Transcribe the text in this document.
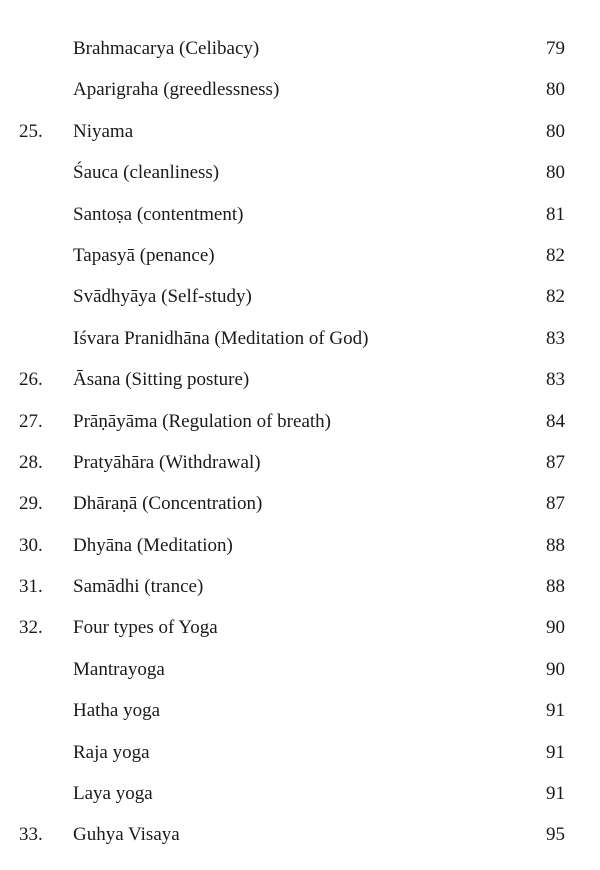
Brahmacarya (Celibacy)	79
Aparigraha (greedlessness)	80
25. Niyama	80
Śauca (cleanliness)	80
Santoṣa (contentment)	81
Tapasyā (penance)	82
Svādhyāya (Self-study)	82
Iśvara Pranidhāna (Meditation of God)	83
26. Āsana (Sitting posture)	83
27. Prāṇāyāma (Regulation of breath)	84
28. Pratyāhāra (Withdrawal)	87
29. Dhāraṇā (Concentration)	87
30. Dhyāna (Meditation)	88
31. Samādhi (trance)	88
32. Four types of Yoga	90
Mantrayoga	90
Hatha yoga	91
Raja yoga	91
Laya yoga	91
33. Guhya Visaya	95
